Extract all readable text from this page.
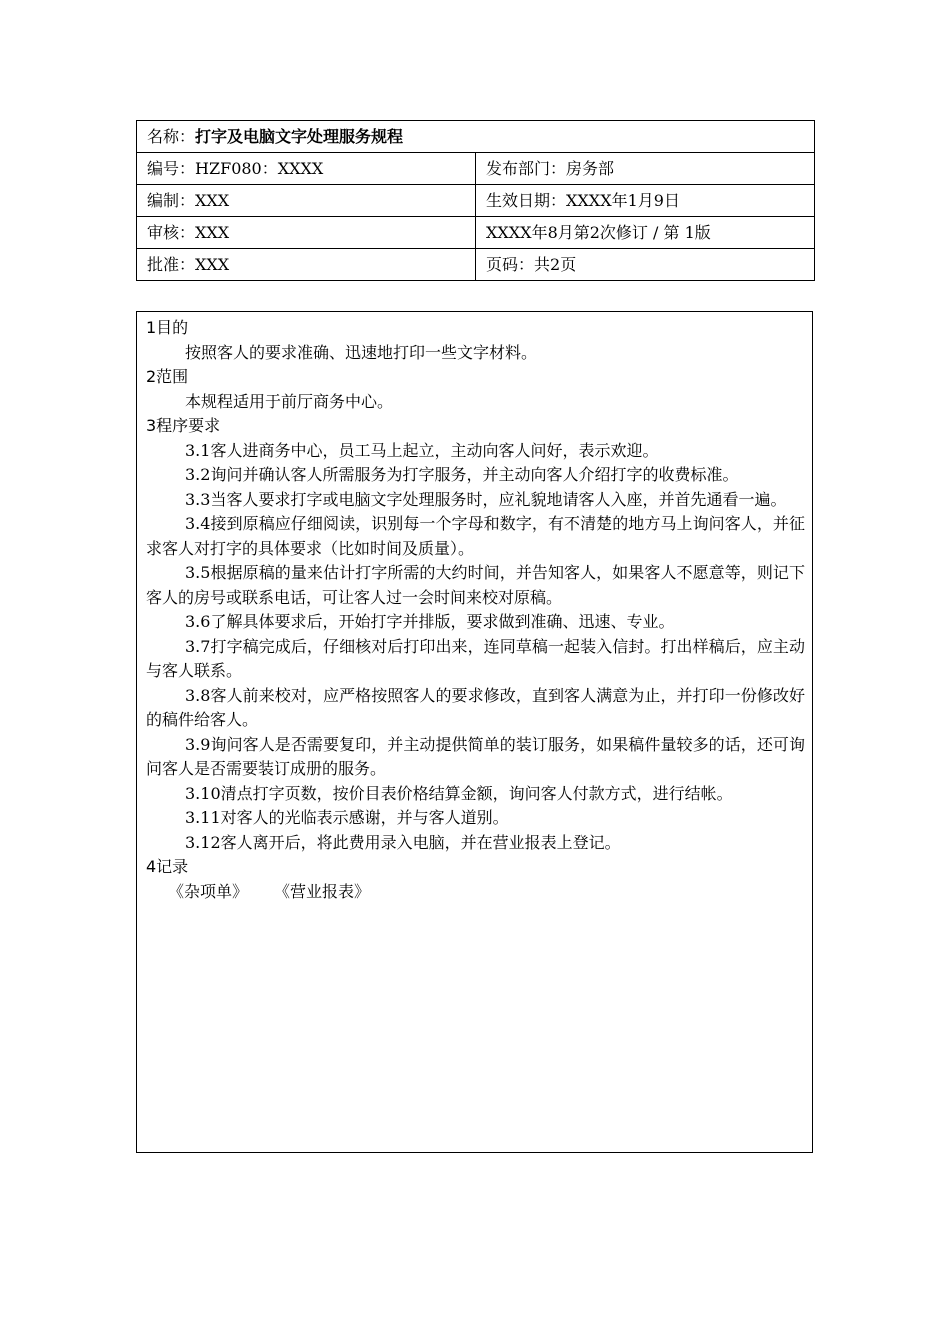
名称：打字及电脑文字处理服务规程	
编号：HZF080：XXXX	发布部门：房务部
编制：XXX	生效日期：XXXX年1月9日
审核：XXX	XXXX年8月第2次修订 / 第 1版
批准：XXX	页码：共2页
1目的

按照客人的要求准确、迅速地打印一些文字材料。

2范围

本规程适用于前厅商务中心。

3程序要求

3.1客人进商务中心，员工马上起立，主动向客人问好，表示欢迎。

3.2询问并确认客人所需服务为打字服务，并主动向客人介绍打字的收费标准。

3.3当客人要求打字或电脑文字处理服务时，应礼貌地请客人入座，并首先通看一遍。

3.4接到原稿应仔细阅读，识别每一个字母和数字，有不清楚的地方马上询问客人，并征求客人对打字的具体要求（比如时间及质量）。

3.5根据原稿的量来估计打字所需的大约时间，并告知客人，如果客人不愿意等，则记下客人的房号或联系电话，可让客人过一会时间来校对原稿。

3.6了解具体要求后，开始打字并排版，要求做到准确、迅速、专业。

3.7打字稿完成后，仔细核对后打印出来，连同草稿一起装入信封。打出样稿后，应主动与客人联系。

3.8客人前来校对，应严格按照客人的要求修改，直到客人满意为止，并打印一份修改好的稿件给客人。

3.9询问客人是否需要复印，并主动提供简单的装订服务，如果稿件量较多的话，还可询问客人是否需要装订成册的服务。

3.10清点打字页数，按价目表价格结算金额，询问客人付款方式，进行结帐。

3.11对客人的光临表示感谢，并与客人道别。

3.12客人离开后，将此费用录入电脑，并在营业报表上登记。

4记录
《杂项单》 《营业报表》
